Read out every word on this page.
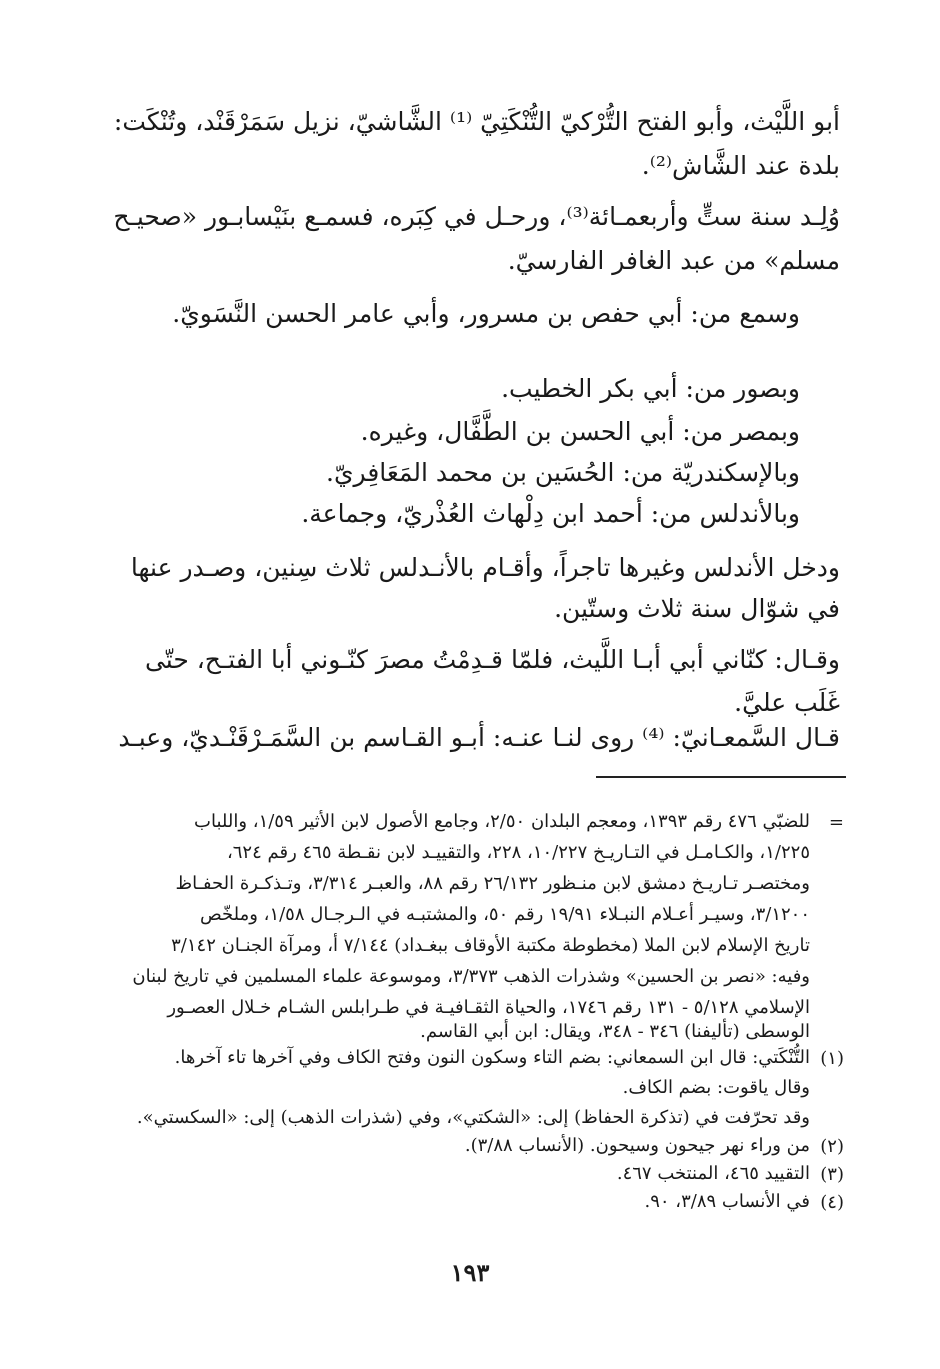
أبو اللَّيْث، وأبو الفتح التُّرْكيّ التُّنْكَتِيّ ⁽¹⁾ الشَّاشيّ، نزيل سَمَرْقَنْد، وتُنْكَت:
بلدة عند الشَّاش⁽²⁾.
وُلِـد سنة ستٍّ وأربعمـائة⁽³⁾، ورحـل في كِبَره، فسمـع بنَيْسابـور «صحيـح
مسلم» من عبد الغافر الفارسيّ.
وسمع من: أبي حفص بن مسرور، وأبي عامر الحسن النَّسَويّ.
وبصور من: أبي بكر الخطيب.
وبمصر من: أبي الحسن بن الطَّفَّال، وغيره.
وبالإسكندريّة من: الحُسَين بن محمد المَعَافِريّ.
وبالأندلس من: أحمد ابن دِلْهاث العُذْريّ، وجماعة.
ودخل الأندلس وغيرها تاجراً، وأقـام بالأنـدلس ثلاث سِنين، وصـدر عنها
في شوّال سنة ثلاث وستّين.
وقـال: كنّاني أبي أبـا اللَّيث، فلمّا قـدِمْتُ مصرَ كنّـوني أبا الفتـح، حتّى
غَلَب عليَّ.
قـال السَّمعـانيّ: ⁽⁴⁾ روى لنـا عنـه: أبـو القـاسم بن السَّمَـرْقَنْـديّ، وعبـد
=
للضبّي ٤٧٦ رقم ١٣٩٣، ومعجم البلدان ٢/٥٠، وجامع الأصول لابن الأثير ١/٥٩، واللباب
١/٢٢٥، والكـامـل في التـاريـخ ١٠/٢٢٧، ٢٢٨، والتقييـد لابن نقـطة ٤٦٥ رقم ٦٢٤،
ومختصـر تـاريـخ دمشق لابن منـظور ٢٦/١٣٢ رقم ٨٨، والعبـر ٣/٣١٤، وتـذكـرة الحفـاظ
٣/١٢٠٠، وسيـر أعـلام النبـلاء ١٩/٩١ رقم ٥٠، والمشتبـه في الـرجـال ١/٥٨، وملخّص
تاريخ الإسلام لابن الملا (مخطوطة مكتبة الأوقاف ببغـداد) ٧/١٤٤ أ، ومرآة الجنـان ٣/١٤٢
وفيه: «نصر بن الحسين» وشذرات الذهب ٣/٣٧٣، وموسوعة علماء المسلمين في تاريخ لبنان
الإسلامي ٥/١٢٨ - ١٣١ رقم ١٧٤٦، والحياة الثقـافيـة في طـرابلس الشـام خـلال العصـور
الوسطى (تأليفنا) ٣٤٦ - ٣٤٨، ويقال: ابن أبي القاسم.
(١)
التُّنْكَتي: قال ابن السمعاني: بضم التاء وسكون النون وفتح الكاف وفي آخرها تاء آخرها.
وقال ياقوت: بضم الكاف.
وقد تحرّفت في (تذكرة الحفاظ) إلى: «الشكتي»، وفي (شذرات الذهب) إلى: «السكستي».
(٢)
من وراء نهر جيحون وسيحون. (الأنساب ٣/٨٨).
(٣)
التقييد ٤٦٥، المنتخب ٤٦٧.
(٤)
في الأنساب ٣/٨٩، ٩٠.
١٩٣
